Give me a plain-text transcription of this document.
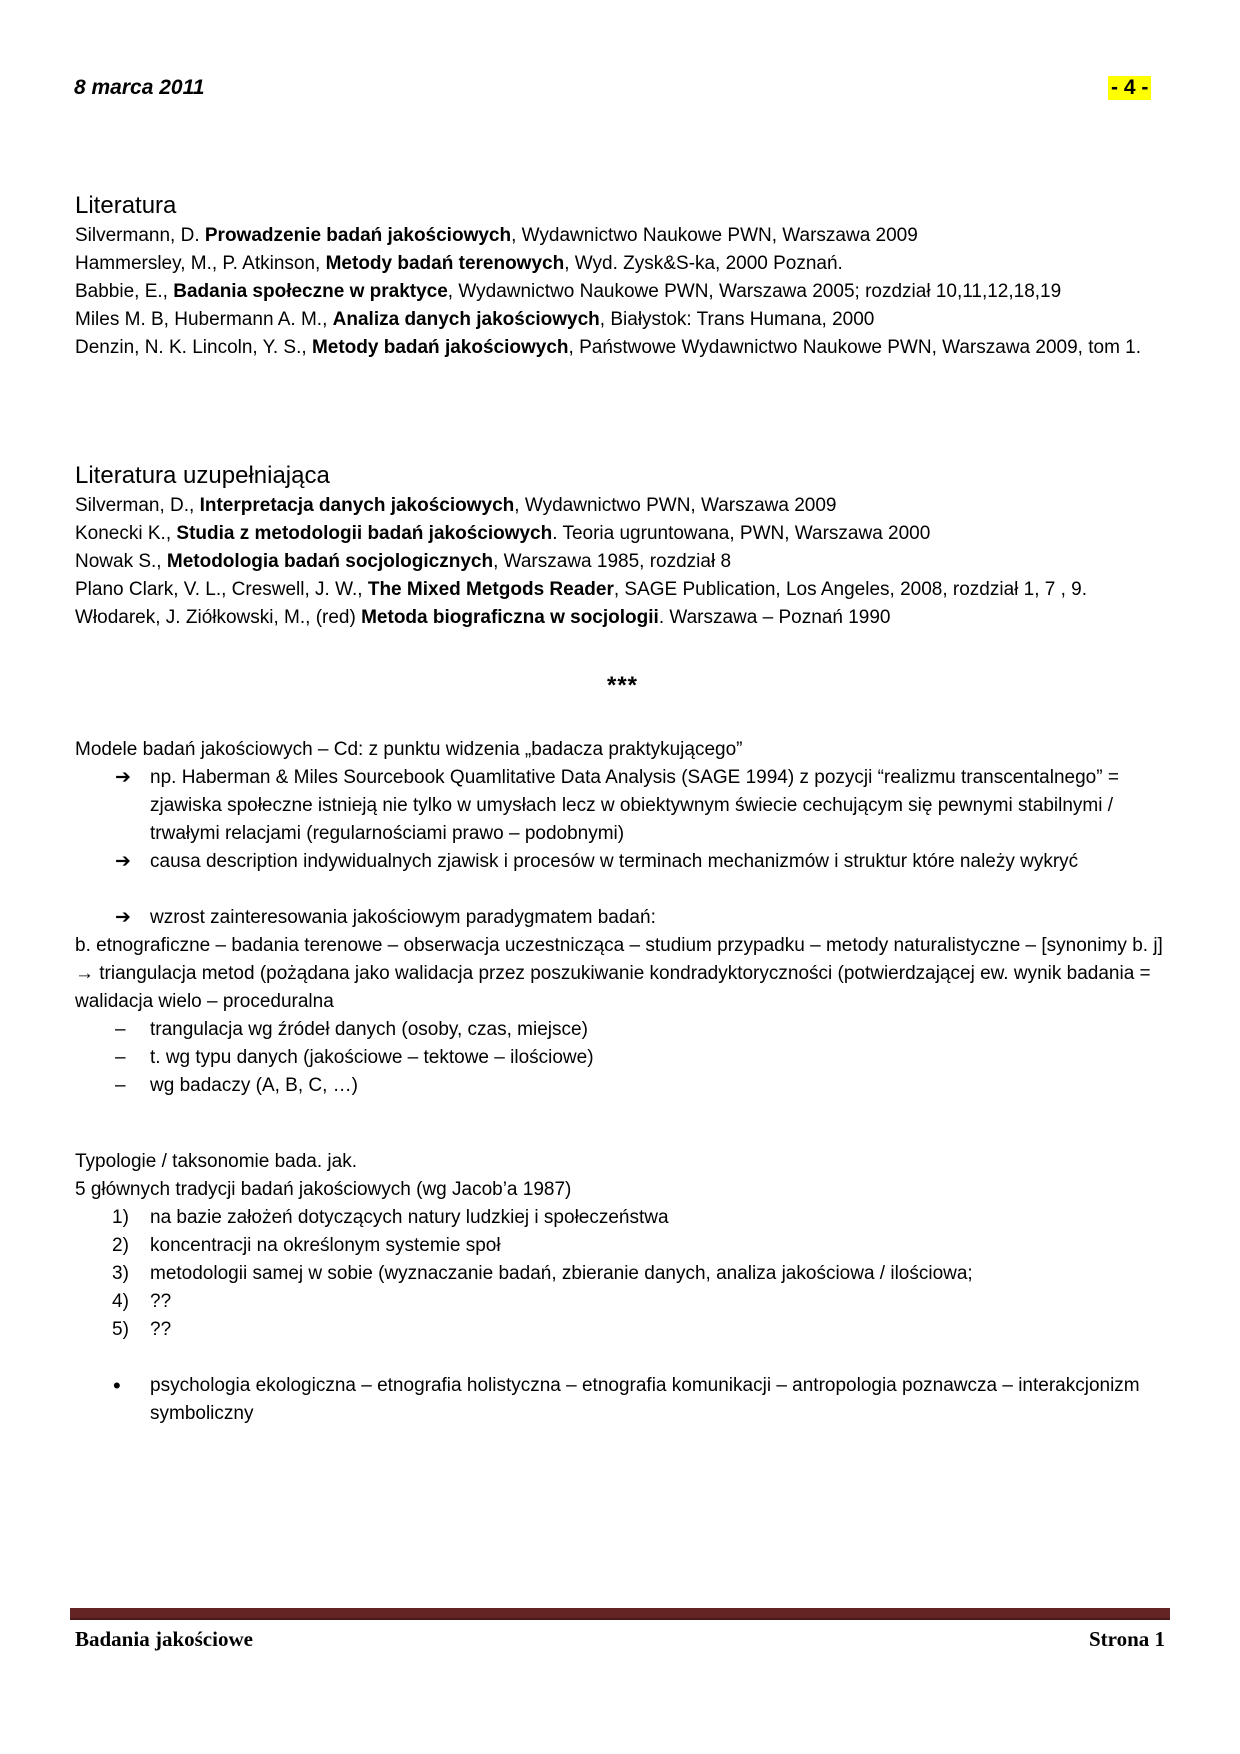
8 marca 2011	- 4 -

Literatura

Silvermann, D. Prowadzenie badań jakościowych, Wydawnictwo Naukowe PWN, Warszawa 2009

Hammersley, M., P. Atkinson, Metody badań terenowych, Wyd. Zysk&S-ka, 2000 Poznań.

Babbie, E., Badania społeczne w praktyce, Wydawnictwo Naukowe PWN, Warszawa 2005; rozdział 10,11,12,18,19

Miles M. B, Hubermann A. M., Analiza danych jakościowych, Białystok: Trans Humana, 2000

Denzin, N. K. Lincoln, Y. S., Metody badań jakościowych, Państwowe Wydawnictwo Naukowe PWN, Warszawa 2009, tom 1.

Literatura uzupełniająca

Silverman, D., Interpretacja danych jakościowych, Wydawnictwo PWN, Warszawa 2009

Konecki K., Studia z metodologii badań jakościowych. Teoria ugruntowana, PWN, Warszawa 2000

Nowak S., Metodologia badań socjologicznych, Warszawa 1985, rozdział 8

Plano Clark, V. L., Creswell, J. W., The Mixed Metgods Reader, SAGE Publication, Los Angeles, 2008, rozdział 1, 7 , 9.

Włodarek, J. Ziółkowski, M., (red) Metoda biograficzna w socjologii. Warszawa – Poznań 1990

***

Modele badań jakościowych – Cd: z punktu widzenia „badacza praktykującego”

➔ np. Haberman & Miles Sourcebook Quamlitative Data Analysis (SAGE 1994) z pozycji “realizmu transcentalnego” = zjawiska społeczne istnieją nie tylko w umysłach lecz w obiektywnym świecie cechującym się pewnymi stabilnymi / trwałymi relacjami (regularnościami prawo – podobnymi)
➔ causa description indywidualnych zjawisk i procesów w terminach mechanizmów i struktur które należy wykryć
➔ wzrost zainteresowania jakościowym paradygmatem badań:

b. etnograficzne – badania terenowe – obserwacja uczestnicząca – studium przypadku – metody naturalistyczne – [synonimy b. j]

→ triangulacja metod (pożądana jako walidacja przez poszukiwanie kondradyktoryczności (potwierdzającej ew. wynik badania = walidacja wielo – proceduralna

– trangulacja wg źródeł danych (osoby, czas, miejsce)
– t. wg typu danych (jakościowe – tektowe – ilościowe)
– wg badaczy (A, B, C, …)

Typologie / taksonomie bada. jak.

5 głównych tradycji badań jakościowych (wg Jacob’a 1987)

1) na bazie założeń dotyczących natury ludzkiej i społeczeństwa
2) koncentracji na określonym systemie społ
3) metodologii samej w sobie (wyznaczanie badań, zbieranie danych, analiza jakościowa / ilościowa;
4) ??
5) ??
• psychologia ekologiczna – etnografia holistyczna – etnografia komunikacji – antropologia poznawcza – interakcjonizm symboliczny
Badania jakościowe	Strona 1
